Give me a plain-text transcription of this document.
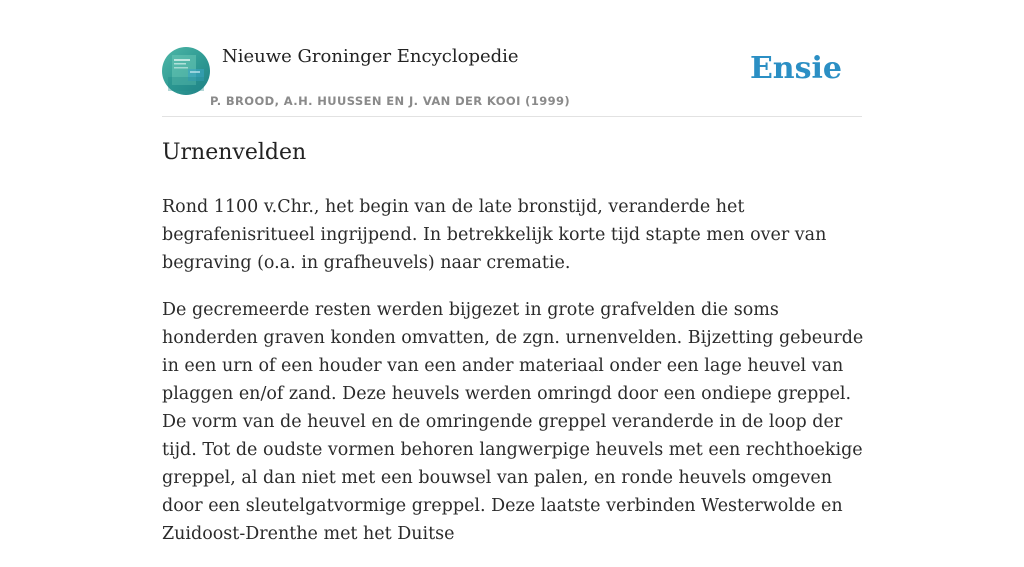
Nieuwe Groninger Encyclopedie
P. BROOD, A.H. HUUSSEN EN J. VAN DER KOOI (1999)
Ensie
Urnenvelden

Rond 1100 v.Chr., het begin van de late bronstijd, veranderde het begrafenisritueel ingrijpend. In betrekkelijk korte tijd stapte men over van begraving (o.a. in grafheuvels) naar crematie.

De gecremeerde resten werden bijgezet in grote grafvelden die soms honderden graven konden omvatten, de zgn. urnenvelden. Bijzetting gebeurde in een urn of een houder van een ander materiaal onder een lage heuvel van plaggen en/of zand. Deze heuvels werden omringd door een ondiepe greppel. De vorm van de heuvel en de omringende greppel veranderde in de loop der tijd. Tot de oudste vormen behoren langwerpige heuvels met een rechthoekige greppel, al dan niet met een bouwsel van palen, en ronde heuvels omgeven door een sleutelgatvormige greppel. Deze laatste verbinden Westerwolde en Zuidoost-Drenthe met het Duitse
